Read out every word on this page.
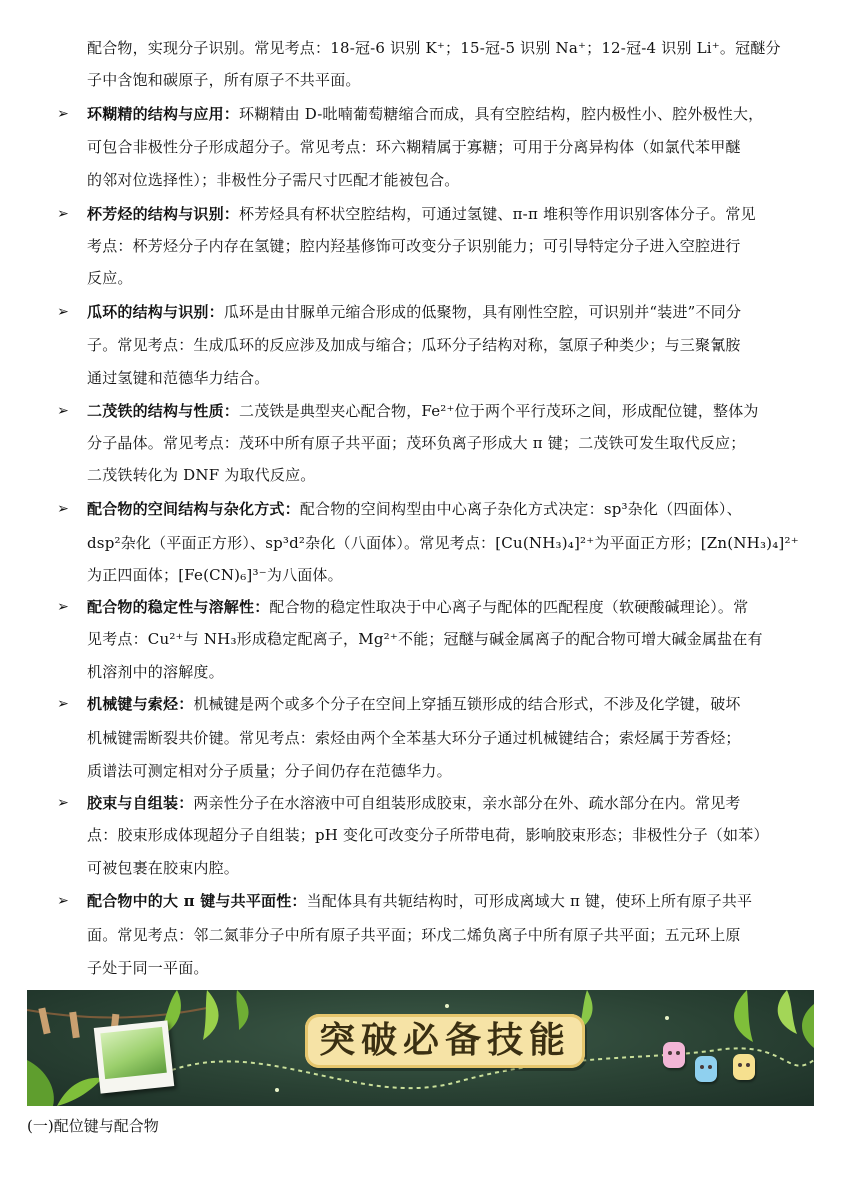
配合物，实现分子识别。常见考点：18-冠-6 识别 K⁺；15-冠-5 识别 Na⁺；12-冠-4 识别 Li⁺。冠醚分
子中含饱和碳原子，所有原子不共平面。
➢ 环糊精的结构与应用：环糊精由 D-吡喃葡萄糖缩合而成，具有空腔结构，腔内极性小、腔外极性大，
可包合非极性分子形成超分子。常见考点：环六糊精属于寡糖；可用于分离异构体（如氯代苯甲醚
的邻对位选择性）；非极性分子需尺寸匹配才能被包合。
➢ 杯芳烃的结构与识别：杯芳烃具有杯状空腔结构，可通过氢键、π-π 堆积等作用识别客体分子。常见
考点：杯芳烃分子内存在氢键；腔内羟基修饰可改变分子识别能力；可引导特定分子进入空腔进行
反应。
➢ 瓜环的结构与识别：瓜环是由甘脲单元缩合形成的低聚物，具有刚性空腔，可识别并“装进”不同分
子。常见考点：生成瓜环的反应涉及加成与缩合；瓜环分子结构对称，氢原子种类少；与三聚氰胺
通过氢键和范德华力结合。
➢ 二茂铁的结构与性质：二茂铁是典型夹心配合物，Fe²⁺位于两个平行茂环之间，形成配位键，整体为
分子晶体。常见考点：茂环中所有原子共平面；茂环负离子形成大 π 键；二茂铁可发生取代反应；
二茂铁转化为 DNF 为取代反应。
➢ 配合物的空间结构与杂化方式：配合物的空间构型由中心离子杂化方式决定：sp³杂化（四面体）、
dsp²杂化（平面正方形）、sp³d²杂化（八面体）。常见考点：[Cu(NH₃)₄]²⁺为平面正方形；[Zn(NH₃)₄]²⁺
为正四面体；[Fe(CN)₆]³⁻为八面体。
➢ 配合物的稳定性与溶解性：配合物的稳定性取决于中心离子与配体的匹配程度（软硬酸碱理论）。常
见考点：Cu²⁺与 NH₃形成稳定配离子，Mg²⁺不能；冠醚与碱金属离子的配合物可增大碱金属盐在有
机溶剂中的溶解度。
➢ 机械键与索烃：机械键是两个或多个分子在空间上穿插互锁形成的结合形式，不涉及化学键，破坏
机械键需断裂共价键。常见考点：索烃由两个全苯基大环分子通过机械键结合；索烃属于芳香烃；
质谱法可测定相对分子质量；分子间仍存在范德华力。
➢ 胶束与自组装：两亲性分子在水溶液中可自组装形成胶束，亲水部分在外、疏水部分在内。常见考
点：胶束形成体现超分子自组装；pH 变化可改变分子所带电荷，影响胶束形态；非极性分子（如苯）
可被包裹在胶束内腔。
➢ 配合物中的大 π 键与共平面性：当配体具有共轭结构时，可形成离域大 π 键，使环上所有原子共平
面。常见考点：邻二氮菲分子中所有原子共平面；环戊二烯负离子中所有原子共平面；五元环上原
子处于同一平面。
突破必备技能
(一)配位键与配合物
